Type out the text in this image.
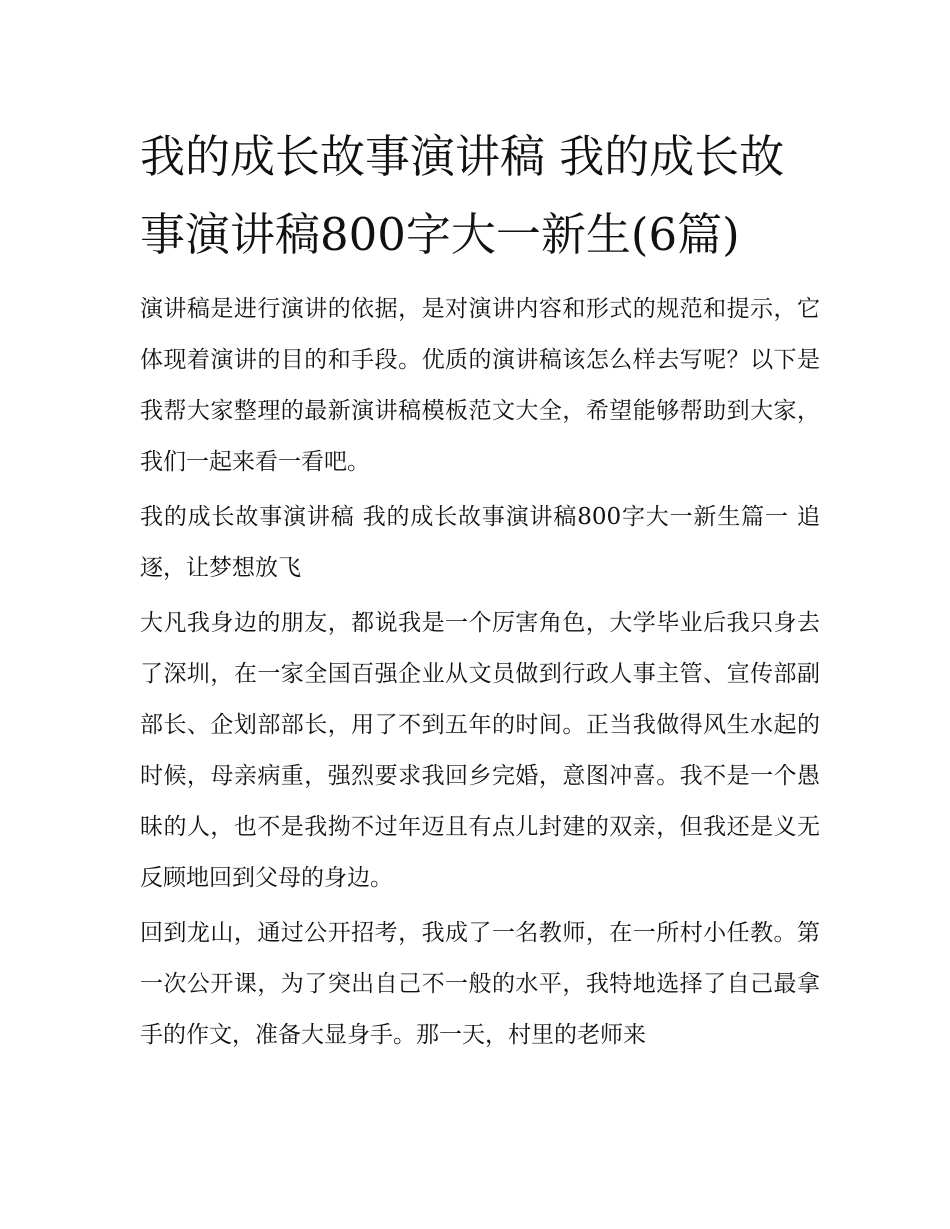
我的成长故事演讲稿 我的成长故事演讲稿800字大一新生(6篇)

演讲稿是进行演讲的依据，是对演讲内容和形式的规范和提示，它体现着演讲的目的和手段。优质的演讲稿该怎么样去写呢？以下是我帮大家整理的最新演讲稿模板范文大全，希望能够帮助到大家，我们一起来看一看吧。

我的成长故事演讲稿 我的成长故事演讲稿800字大一新生篇一 追逐，让梦想放飞

大凡我身边的朋友，都说我是一个厉害角色，大学毕业后我只身去了深圳，在一家全国百强企业从文员做到行政人事主管、宣传部副部长、企划部部长，用了不到五年的时间。正当我做得风生水起的时候，母亲病重，强烈要求我回乡完婚，意图冲喜。我不是一个愚昧的人，也不是我拗不过年迈且有点儿封建的双亲，但我还是义无反顾地回到父母的身边。

回到龙山，通过公开招考，我成了一名教师，在一所村小任教。第一次公开课，为了突出自己不一般的水平，我特地选择了自己最拿手的作文，准备大显身手。那一天，村里的老师来
